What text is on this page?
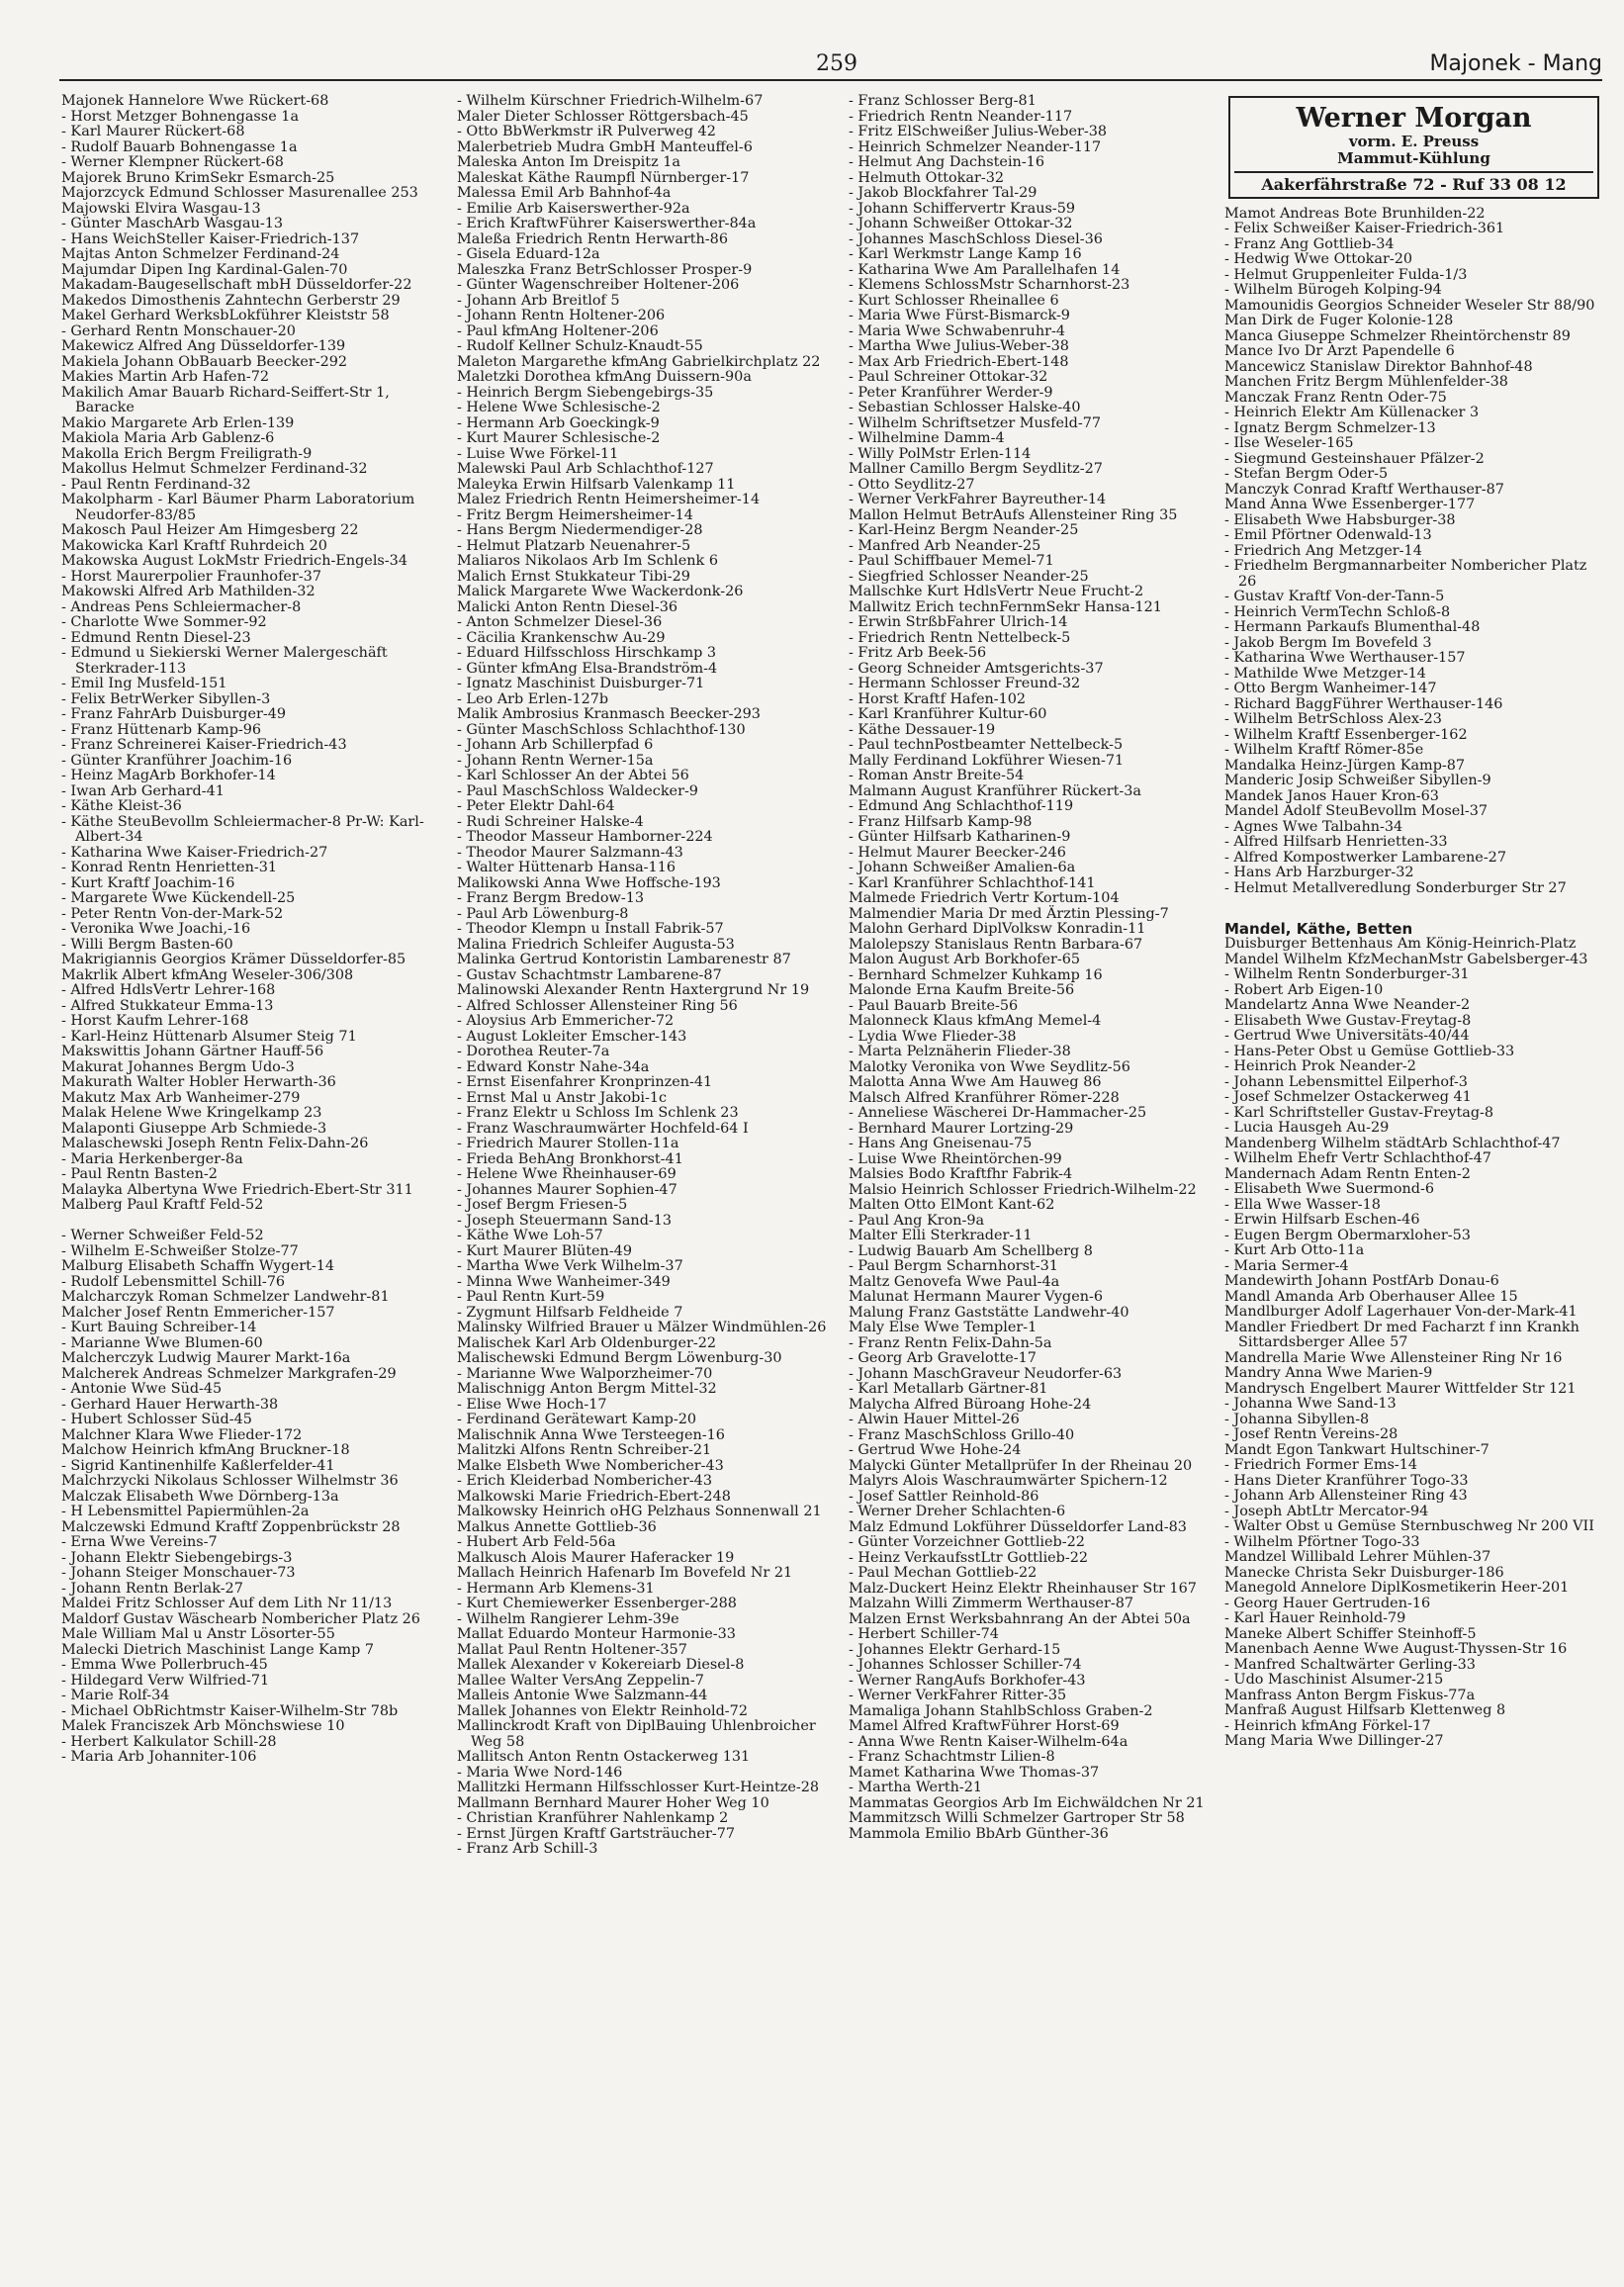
259	Majonek - Mang
Majonek Hannelore Wwe Rückert-68
- Horst Metzger Bohnengasse 1a
- Karl Maurer Rückert-68
- Rudolf Bauarb Bohnengasse 1a
- Werner Klempner Rückert-68
Majorek Bruno KrimSekr Esmarch-25
Majorzcyck Edmund Schlosser Masurenallee 253
Majowski Elvira Wasgau-13
- Günter MaschArb Wasgau-13
- Hans WeichSteller Kaiser-Friedrich-137
Majtas Anton Schmelzer Ferdinand-24
Majumdar Dipen Ing Kardinal-Galen-70
Makadam-Baugesellschaft mbH Düsseldorfer-22
Makedos Dimosthenis Zahntechn Gerberstr 29
Makel Gerhard WerksbLokführer Kleiststr 58
- Gerhard Rentn Monschauer-20
Makewicz Alfred Ang Düsseldorfer-139
Makiela Johann ObBauarb Beecker-292
Makies Martin Arb Hafen-72
Makilich Amar Bauarb Richard-Seiffert-Str 1, Baracke
Makio Margarete Arb Erlen-139
Makiola Maria Arb Gablenz-6
Makolla Erich Bergm Freiligrath-9
Makollus Helmut Schmelzer Ferdinand-32
- Paul Rentn Ferdinand-32
Makolpharm - Karl Bäumer Pharm Laboratorium Neudorfer-83/85
Makosch Paul Heizer Am Himgesberg 22
Makowicka Karl Kraftf Ruhrdeich 20
Makowska August LokMstr Friedrich-Engels-34
- Horst Maurerpolier Fraunhofer-37
Makowski Alfred Arb Mathilden-32
- Andreas Pens Schleiermacher-8
- Charlotte Wwe Sommer-92
- Edmund Rentn Diesel-23
- Edmund u Siekierski Werner Malergeschäft Sterkrader-113
- Emil Ing Musfeld-151
- Felix BetrWerker Sibyllen-3
- Franz FahrArb Duisburger-49
- Franz Hüttenarb Kamp-96
- Franz Schreinerei Kaiser-Friedrich-43
- Günter Kranführer Joachim-16
- Heinz MagArb Borkhofer-14
- Iwan Arb Gerhard-41
- Käthe Kleist-36
- Käthe SteuBevollm Schleiermacher-8 Pr-W: Karl-Albert-34
- Katharina Wwe Kaiser-Friedrich-27
- Konrad Rentn Henrietten-31
- Kurt Kraftf Joachim-16
- Margarete Wwe Kückendell-25
- Peter Rentn Von-der-Mark-52
- Veronika Wwe Joachi,-16
- Willi Bergm Basten-60
Makrigiannis Georgios Krämer Düsseldorfer-85
Makrlik Albert kfmAng Weseler-306/308
- Alfred HdlsVertr Lehrer-168
- Alfred Stukkateur Emma-13
- Horst Kaufm Lehrer-168
- Karl-Heinz Hüttenarb Alsumer Steig 71
Makswittis Johann Gärtner Hauff-56
Makurat Johannes Bergm Udo-3
Makurath Walter Hobler Herwarth-36
Makutz Max Arb Wanheimer-279
Malak Helene Wwe Kringelkamp 23
Malaponti Giuseppe Arb Schmiede-3
Malaschewski Joseph Rentn Felix-Dahn-26
- Maria Herkenberger-8a
- Paul Rentn Basten-2
Malayka Albertyna Wwe Friedrich-Ebert-Str 311
Malberg Paul Kraftf Feld-52

- Werner Schweißer Feld-52
- Wilhelm E-Schweißer Stolze-77
Malburg Elisabeth Schaffn Wygert-14
- Rudolf Lebensmittel Schill-76
Malcharczyk Roman Schmelzer Landwehr-81
Malcher Josef Rentn Emmericher-157
- Kurt Bauing Schreiber-14
- Marianne Wwe Blumen-60
Malcherczyk Ludwig Maurer Markt-16a
Malcherek Andreas Schmelzer Markgrafen-29
- Antonie Wwe Süd-45
- Gerhard Hauer Herwarth-38
- Hubert Schlosser Süd-45
Malchner Klara Wwe Flieder-172
Malchow Heinrich kfmAng Bruckner-18
- Sigrid Kantinenhilfe Kaßlerfelder-41
Malchrzycki Nikolaus Schlosser Wilhelmstr 36
Malczak Elisabeth Wwe Dörnberg-13a
- H Lebensmittel Papiermühlen-2a
Malczewski Edmund Kraftf Zoppenbrückstr 28
- Erna Wwe Vereins-7
- Johann Elektr Siebengebirgs-3
- Johann Steiger Monschauer-73
- Johann Rentn Berlak-27
Maldei Fritz Schlosser Auf dem Lith Nr 11/13
Maldorf Gustav Wäschearb Nombericher Platz 26
Male William Mal u Anstr Lösorter-55
Malecki Dietrich Maschinist Lange Kamp 7
- Emma Wwe Pollerbruch-45
- Hildegard Verw Wilfried-71
- Marie Rolf-34
- Michael ObRichtmstr Kaiser-Wilhelm-Str 78b
Malek Franciszek Arb Mönchswiese 10
- Herbert Kalkulator Schill-28
- Maria Arb Johanniter-106
- Wilhelm Kürschner Friedrich-Wilhelm-67
Maler Dieter Schlosser Röttgersbach-45
- Otto BbWerkmstr iR Pulverweg 42
Malerbetrieb Mudra GmbH Manteuffel-6
Maleska Anton Im Dreispitz 1a
Maleskat Käthe Raumpfl Nürnberger-17
Malessa Emil Arb Bahnhof-4a
- Emilie Arb Kaiserswerther-92a
- Erich KraftwFührer Kaiserswerther-84a
Maleßa Friedrich Rentn Herwarth-86
- Gisela Eduard-12a
Maleszka Franz BetrSchlosser Prosper-9
- Günter Wagenschreiber Holtener-206
- Johann Arb Breitlof 5
- Johann Rentn Holtener-206
- Paul kfmAng Holtener-206
- Rudolf Kellner Schulz-Knaudt-55
Maleton Margarethe kfmAng Gabrielkirchplatz 22
Maletzki Dorothea kfmAng Duissern-90a
- Heinrich Bergm Siebengebirgs-35
- Helene Wwe Schlesische-2
- Hermann Arb Goeckingk-9
- Kurt Maurer Schlesische-2
- Luise Wwe Förkel-11
Malewski Paul Arb Schlachthof-127
Maleyka Erwin Hilfsarb Valenkamp 11
Malez Friedrich Rentn Heimersheimer-14
- Fritz Bergm Heimersheimer-14
- Hans Bergm Niedermendiger-28
- Helmut Platzarb Neuenahrer-5
Maliaros Nikolaos Arb Im Schlenk 6
Malich Ernst Stukkateur Tibi-29
Malick Margarete Wwe Wackerdonk-26
Malicki Anton Rentn Diesel-36
- Anton Schmelzer Diesel-36
- Cäcilia Krankenschw Au-29
- Eduard Hilfsschloss Hirschkamp 3
- Günter kfmAng Elsa-Brandström-4
- Ignatz Maschinist Duisburger-71
- Leo Arb Erlen-127b
Malik Ambrosius Kranmasch Beecker-293
- Günter MaschSchloss Schlachthof-130
- Johann Arb Schillerpfad 6
- Johann Rentn Werner-15a
- Karl Schlosser An der Abtei 56
- Paul MaschSchloss Waldecker-9
- Peter Elektr Dahl-64
- Rudi Schreiner Halske-4
- Theodor Masseur Hamborner-224
- Theodor Maurer Salzmann-43
- Walter Hüttenarb Hansa-116
Malikowski Anna Wwe Hoffsche-193
- Franz Bergm Bredow-13
- Paul Arb Löwenburg-8
- Theodor Klempn u Install Fabrik-57
Malina Friedrich Schleifer Augusta-53
Malinka Gertrud Kontoristin Lambarenestr 87
- Gustav Schachtmstr Lambarene-87
Malinowski Alexander Rentn Haxtergrund Nr 19
- Alfred Schlosser Allensteiner Ring 56
- Aloysius Arb Emmericher-72
- August Lokleiter Emscher-143
- Dorothea Reuter-7a
- Edward Konstr Nahe-34a
- Ernst Eisenfahrer Kronprinzen-41
- Ernst Mal u Anstr Jakobi-1c
- Franz Elektr u Schloss Im Schlenk 23
- Franz Waschraumwärter Hochfeld-64 I
- Friedrich Maurer Stollen-11a
- Frieda BehAng Bronkhorst-41
- Helene Wwe Rheinhauser-69
- Johannes Maurer Sophien-47
- Josef Bergm Friesen-5
- Joseph Steuermann Sand-13
- Käthe Wwe Loh-57
- Kurt Maurer Blüten-49
- Martha Wwe Verk Wilhelm-37
- Minna Wwe Wanheimer-349
- Paul Rentn Kurt-59
- Zygmunt Hilfsarb Feldheide 7
Malinsky Wilfried Brauer u Mälzer Windmühlen-26
Malischek Karl Arb Oldenburger-22
Malischewski Edmund Bergm Löwenburg-30
- Marianne Wwe Walporzheimer-70
Malischnigg Anton Bergm Mittel-32
- Elise Wwe Hoch-17
- Ferdinand Gerätewart Kamp-20
Malischnik Anna Wwe Tersteegen-16
Malitzki Alfons Rentn Schreiber-21
Malke Elsbeth Wwe Nombericher-43
- Erich Kleiderbad Nombericher-43
Malkowski Marie Friedrich-Ebert-248
Malkowsky Heinrich oHG Pelzhaus Sonnenwall 21
Malkus Annette Gottlieb-36
- Hubert Arb Feld-56a
Malkusch Alois Maurer Haferacker 19
Mallach Heinrich Hafenarb Im Bovefeld Nr 21
- Hermann Arb Klemens-31
- Kurt Chemiewerker Essenberger-288
- Wilhelm Rangierer Lehm-39e
Mallat Eduardo Monteur Harmonie-33
Mallat Paul Rentn Holtener-357
Mallek Alexander v Kokereiarb Diesel-8
Mallee Walter VersAng Zeppelin-7
Malleis Antonie Wwe Salzmann-44
Mallek Johannes von Elektr Reinhold-72
Mallinckrodt Kraft von DiplBauing Uhlenbroicher Weg 58
Mallitsch Anton Rentn Ostackerweg 131
- Maria Wwe Nord-146
Mallitzki Hermann Hilfsschlosser Kurt-Heintze-28
Mallmann Bernhard Maurer Hoher Weg 10
- Christian Kranführer Nahlenkamp 2
- Ernst Jürgen Kraftf Gartsträucher-77
- Franz Arb Schill-3
- Franz Schlosser Berg-81
- Friedrich Rentn Neander-117
- Fritz ElSchweißer Julius-Weber-38
- Heinrich Schmelzer Neander-117
- Helmut Ang Dachstein-16
- Helmuth Ottokar-32
- Jakob Blockfahrer Tal-29
- Johann Schiffervertr Kraus-59
- Johann Schweißer Ottokar-32
- Johannes MaschSchloss Diesel-36
- Karl Werkmstr Lange Kamp 16
- Katharina Wwe Am Parallelhafen 14
- Klemens SchlossMstr Scharnhorst-23
- Kurt Schlosser Rheinallee 6
- Maria Wwe Fürst-Bismarck-9
- Maria Wwe Schwabenruhr-4
- Martha Wwe Julius-Weber-38
- Max Arb Friedrich-Ebert-148
- Paul Schreiner Ottokar-32
- Peter Kranführer Werder-9
- Sebastian Schlosser Halske-40
- Wilhelm Schriftsetzer Musfeld-77
- Wilhelmine Damm-4
- Willy PolMstr Erlen-114
Mallner Camillo Bergm Seydlitz-27
- Otto Seydlitz-27
- Werner VerkFahrer Bayreuther-14
Mallon Helmut BetrAufs Allensteiner Ring 35
- Karl-Heinz Bergm Neander-25
- Manfred Arb Neander-25
- Paul Schiffbauer Memel-71
- Siegfried Schlosser Neander-25
Mallschke Kurt HdlsVertr Neue Frucht-2
Mallwitz Erich technFernmSekr Hansa-121
- Erwin StrßbFahrer Ulrich-14
- Friedrich Rentn Nettelbeck-5
- Fritz Arb Beek-56
- Georg Schneider Amtsgerichts-37
- Hermann Schlosser Freund-32
- Horst Kraftf Hafen-102
- Karl Kranführer Kultur-60
- Käthe Dessauer-19
- Paul technPostbeamter Nettelbeck-5
Mally Ferdinand Lokführer Wiesen-71
- Roman Anstr Breite-54
Malmann August Kranführer Rückert-3a
- Edmund Ang Schlachthof-119
- Franz Hilfsarb Kamp-98
- Günter Hilfsarb Katharinen-9
- Helmut Maurer Beecker-246
- Johann Schweißer Amalien-6a
- Karl Kranführer Schlachthof-141
Malmede Friedrich Vertr Kortum-104
Malmendier Maria Dr med Ärztin Plessing-7
Malohn Gerhard DiplVolksw Konradin-11
Malolepszy Stanislaus Rentn Barbara-67
Malon August Arb Borkhofer-65
- Bernhard Schmelzer Kuhkamp 16
Malonde Erna Kaufm Breite-56
- Paul Bauarb Breite-56
Malonneck Klaus kfmAng Memel-4
- Lydia Wwe Flieder-38
- Marta Pelznäherin Flieder-38
Malotky Veronika von Wwe Seydlitz-56
Malotta Anna Wwe Am Hauweg 86
Malsch Alfred Kranführer Römer-228
- Anneliese Wäscherei Dr-Hammacher-25
- Bernhard Maurer Lortzing-29
- Hans Ang Gneisenau-75
- Luise Wwe Rheintörchen-99
Malsies Bodo Kraftfhr Fabrik-4
Malsio Heinrich Schlosser Friedrich-Wilhelm-22
Malten Otto ElMont Kant-62
- Paul Ang Kron-9a
Malter Elli Sterkrader-11
- Ludwig Bauarb Am Schellberg 8
- Paul Bergm Scharnhorst-31
Maltz Genovefa Wwe Paul-4a
Malunat Hermann Maurer Vygen-6
Malung Franz Gaststätte Landwehr-40
Maly Else Wwe Templer-1
- Franz Rentn Felix-Dahn-5a
- Georg Arb Gravelotte-17
- Johann MaschGraveur Neudorfer-63
- Karl Metallarb Gärtner-81
Malycha Alfred Büroang Hohe-24
- Alwin Hauer Mittel-26
- Franz MaschSchloss Grillo-40
- Gertrud Wwe Hohe-24
Malycki Günter Metallprüfer In der Rheinau 20
Malyrs Alois Waschraumwärter Spichern-12
- Josef Sattler Reinhold-86
- Werner Dreher Schlachten-6
Malz Edmund Lokführer Düsseldorfer Land-83
- Günter Vorzeichner Gottlieb-22
- Heinz VerkaufsstLtr Gottlieb-22
- Paul Mechan Gottlieb-22
Malz-Duckert Heinz Elektr Rheinhauser Str 167
Malzahn Willi Zimmerm Werthauser-87
Malzen Ernst Werksbahnrang An der Abtei 50a
- Herbert Schiller-74
- Johannes Elektr Gerhard-15
- Johannes Schlosser Schiller-74
- Werner RangAufs Borkhofer-43
- Werner VerkFahrer Ritter-35
Mamaliga Johann StahlbSchloss Graben-2
Mamel Alfred KraftwFührer Horst-69
- Anna Wwe Rentn Kaiser-Wilhelm-64a
- Franz Schachtmstr Lilien-8
Mamet Katharina Wwe Thomas-37
- Martha Werth-21
Mammatas Georgios Arb Im Eichwäldchen Nr 21
Mammitzsch Willi Schmelzer Gartroper Str 58
Mammola Emilio BbArb Günther-36
Werner Morgan
vorm. E. Preuss
Mammut-Kühlung
Aakerfährstraße 72 - Ruf 33 08 12
Mamot Andreas Bote Brunhilden-22
- Felix Schweißer Kaiser-Friedrich-361
- Franz Ang Gottlieb-34
- Hedwig Wwe Ottokar-20
- Helmut Gruppenleiter Fulda-1/3
- Wilhelm Bürogeh Kolping-94
Mamounidis Georgios Schneider Weseler Str 88/90
Man Dirk de Fuger Kolonie-128
Manca Giuseppe Schmelzer Rheintörchenstr 89
Mance Ivo Dr Arzt Papendelle 6
Mancewicz Stanislaw Direktor Bahnhof-48
Manchen Fritz Bergm Mühlenfelder-38
Manczak Franz Rentn Oder-75
- Heinrich Elektr Am Küllenacker 3
- Ignatz Bergm Schmelzer-13
- Ilse Weseler-165
- Siegmund Gesteinshauer Pfälzer-2
- Stefan Bergm Oder-5
Manczyk Conrad Kraftf Werthauser-87
Mand Anna Wwe Essenberger-177
- Elisabeth Wwe Habsburger-38
- Emil Pförtner Odenwald-13
- Friedrich Ang Metzger-14
- Friedhelm Bergmannarbeiter Nombericher Platz 26
- Gustav Kraftf Von-der-Tann-5
- Heinrich VermTechn Schloß-8
- Hermann Parkaufs Blumenthal-48
- Jakob Bergm Im Bovefeld 3
- Katharina Wwe Werthauser-157
- Mathilde Wwe Metzger-14
- Otto Bergm Wanheimer-147
- Richard BaggFührer Werthauser-146
- Wilhelm BetrSchloss Alex-23
- Wilhelm Kraftf Essenberger-162
- Wilhelm Kraftf Römer-85e
Mandalka Heinz-Jürgen Kamp-87
Manderic Josip Schweißer Sibyllen-9
Mandek Janos Hauer Kron-63
Mandel Adolf SteuBevollm Mosel-37
- Agnes Wwe Talbahn-34
- Alfred Hilfsarb Henrietten-33
- Alfred Kompostwerker Lambarene-27
- Hans Arb Harzburger-32
- Helmut Metallveredlung Sonderburger Str 27

Mandel, Käthe, Betten
Duisburger Bettenhaus Am König-Heinrich-Platz
Mandel Wilhelm KfzMechanMstr Gabelsberger-43
- Wilhelm Rentn Sonderburger-31
- Robert Arb Eigen-10
Mandelartz Anna Wwe Neander-2
- Elisabeth Wwe Gustav-Freytag-8
- Gertrud Wwe Universitäts-40/44
- Hans-Peter Obst u Gemüse Gottlieb-33
- Heinrich Prok Neander-2
- Johann Lebensmittel Eilperhof-3
- Josef Schmelzer Ostackerweg 41
- Karl Schriftsteller Gustav-Freytag-8
- Lucia Hausgeh Au-29
Mandenberg Wilhelm städtArb Schlachthof-47
- Wilhelm Ehefr Vertr Schlachthof-47
Mandernach Adam Rentn Enten-2
- Elisabeth Wwe Suermond-6
- Ella Wwe Wasser-18
- Erwin Hilfsarb Eschen-46
- Eugen Bergm Obermarxloher-53
- Kurt Arb Otto-11a
- Maria Sermer-4
Mandewirth Johann PostfArb Donau-6
Mandl Amanda Arb Oberhauser Allee 15
Mandlburger Adolf Lagerhauer Von-der-Mark-41
Mandler Friedbert Dr med Facharzt f inn Krankh Sittardsberger Allee 57
Mandrella Marie Wwe Allensteiner Ring Nr 16
Mandry Anna Wwe Marien-9
Mandrysch Engelbert Maurer Wittfelder Str 121
- Johanna Wwe Sand-13
- Johanna Sibyllen-8
- Josef Rentn Vereins-28
Mandt Egon Tankwart Hultschiner-7
- Friedrich Former Ems-14
- Hans Dieter Kranführer Togo-33
- Johann Arb Allensteiner Ring 43
- Joseph AbtLtr Mercator-94
- Walter Obst u Gemüse Sternbuschweg Nr 200 VII
- Wilhelm Pförtner Togo-33
Mandzel Willibald Lehrer Mühlen-37
Manecke Christa Sekr Duisburger-186
Manegold Annelore DiplKosmetikerin Heer-201
- Georg Hauer Gertruden-16
- Karl Hauer Reinhold-79
Maneke Albert Schiffer Steinhoff-5
Manenbach Aenne Wwe August-Thyssen-Str 16
- Manfred Schaltwärter Gerling-33
- Udo Maschinist Alsumer-215
Manfrass Anton Bergm Fiskus-77a
Manfraß August Hilfsarb Klettenweg 8
- Heinrich kfmAng Förkel-17
Mang Maria Wwe Dillinger-27
